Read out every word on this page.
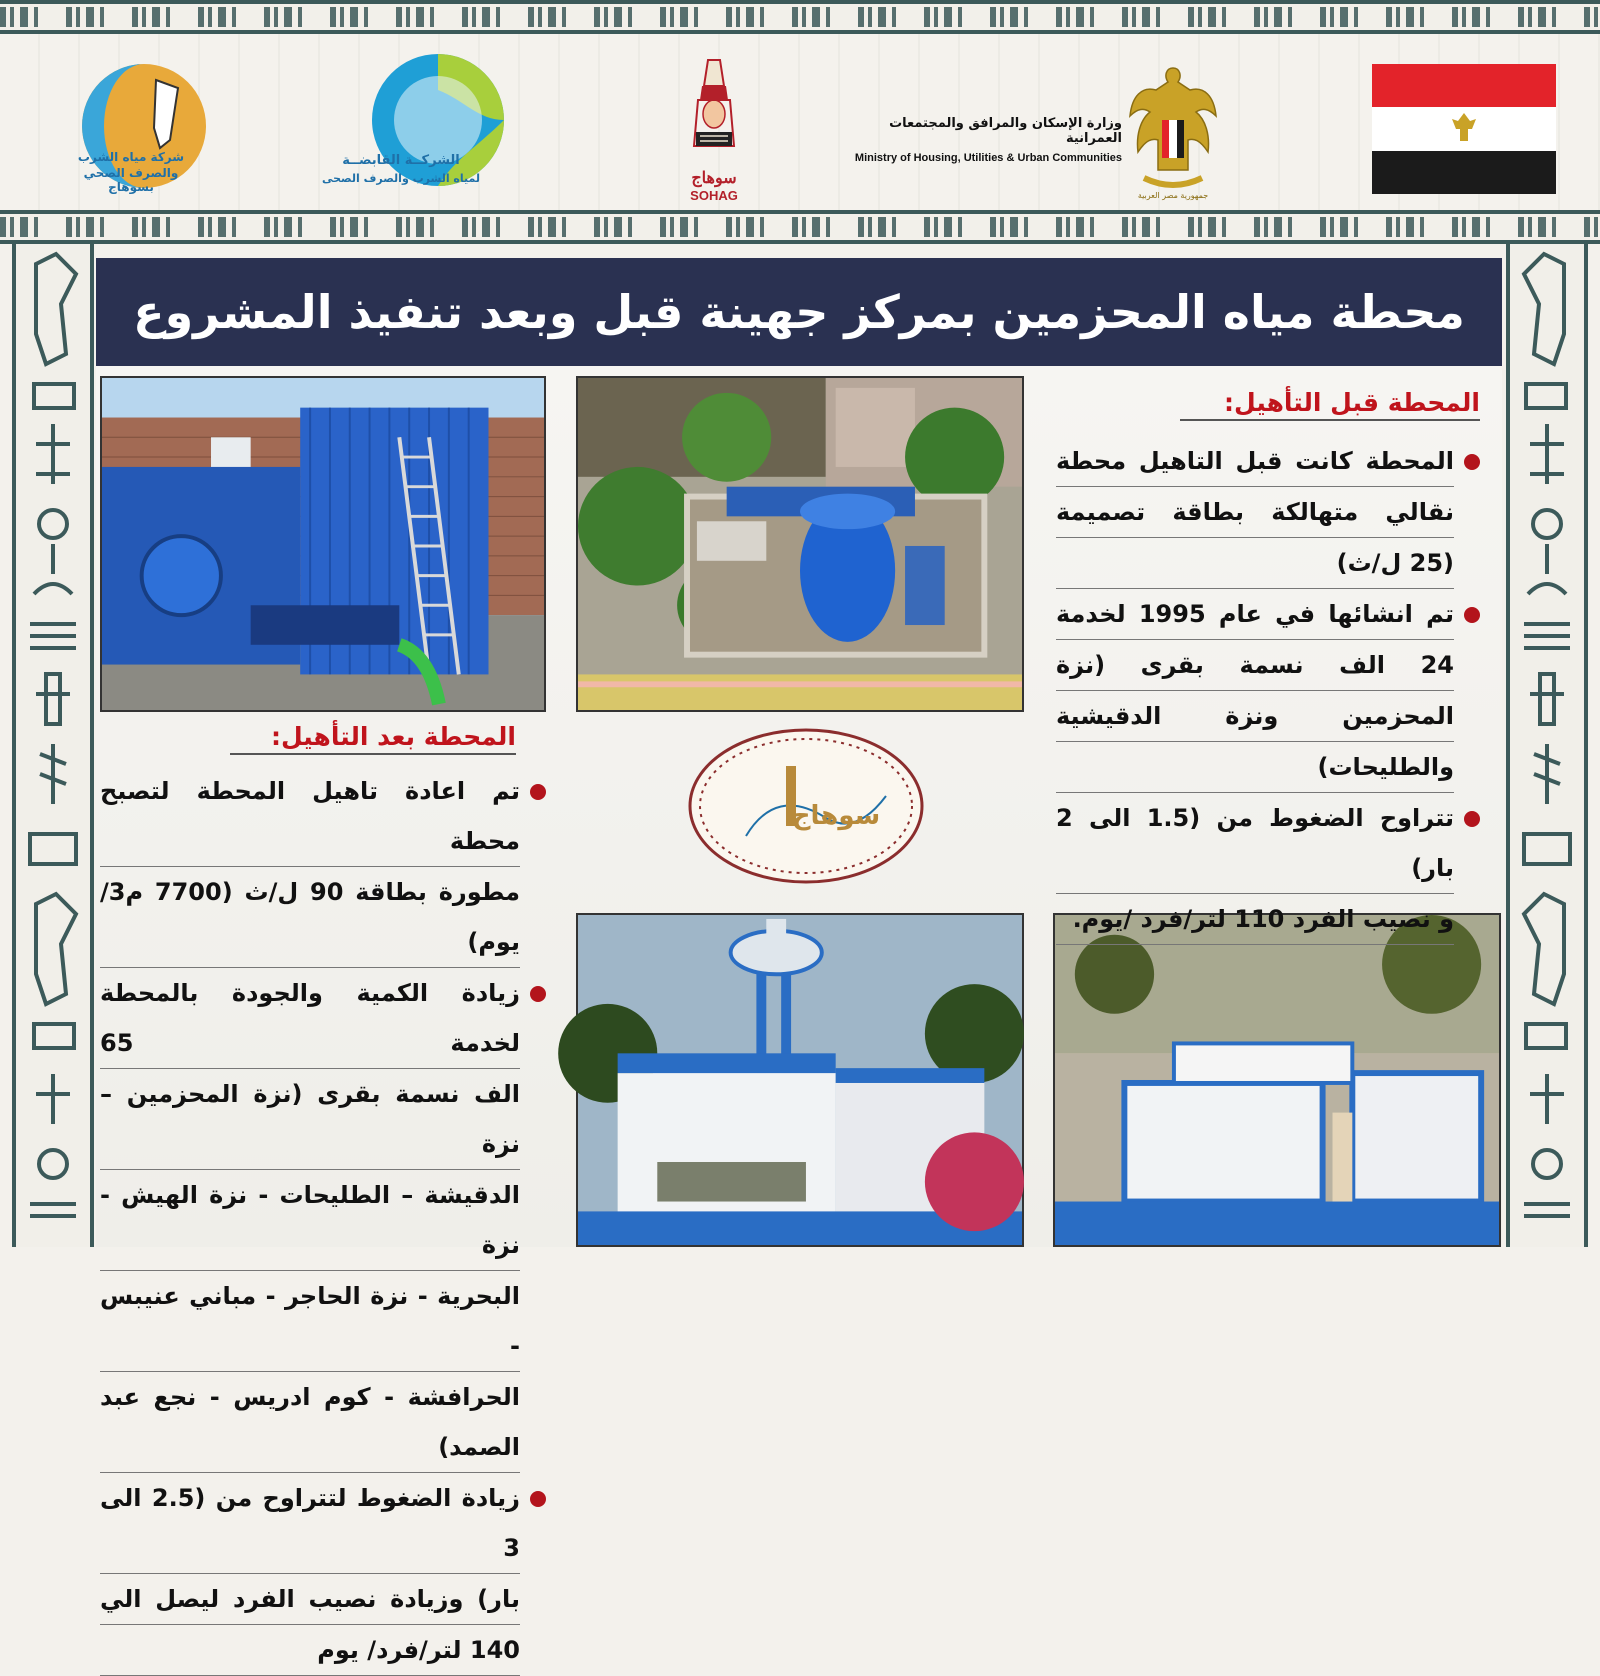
جمهورية مصر العربية
وزارة الإسكان والمرافق والمجتمعات العمرانية
Ministry of Housing, Utilities & Urban Communities
سوهاج
SOHAG
الشركــة القابضــة
لمياه الشرب والصرف الصحى
شركة مياه الشرب
والصرف الصحي بسوهاج
محطة مياه المحزمين بمركز جهينة قبل وبعد تنفيذ المشروع
سوهاج
المحطة قبل التأهيل:
المحطة كانت قبل التاهيل محطة
نقالي متهالكة بطاقة تصميمة
(25 ل/ث)
تم انشائها في عام 1995 لخدمة
24 الف نسمة بقرى (نزة
المحزمين ونزة الدقيشية
والطليحات)
تتراوح الضغوط من (1.5 الى 2 بار)
و نصيب الفرد 110 لتر/فرد /يوم.
المحطة بعد التأهيل:
تم اعادة تاهيل المحطة لتصبح محطة
مطورة بطاقة 90 ل/ث (7700 م3/يوم)
زيادة الكمية والجودة بالمحطة لخدمة 65
الف نسمة بقرى (نزة المحزمين – نزة
الدقيشة – الطليحات - نزة الهيش - نزة
البحرية - نزة الحاجر - مباني عنيبس -
الحرافشة - كوم ادريس - نجع عبد الصمد)
زيادة الضغوط لتتراوح من (2.5 الى 3
بار) وزيادة نصيب الفرد ليصل الي
140 لتر/فرد/ يوم
